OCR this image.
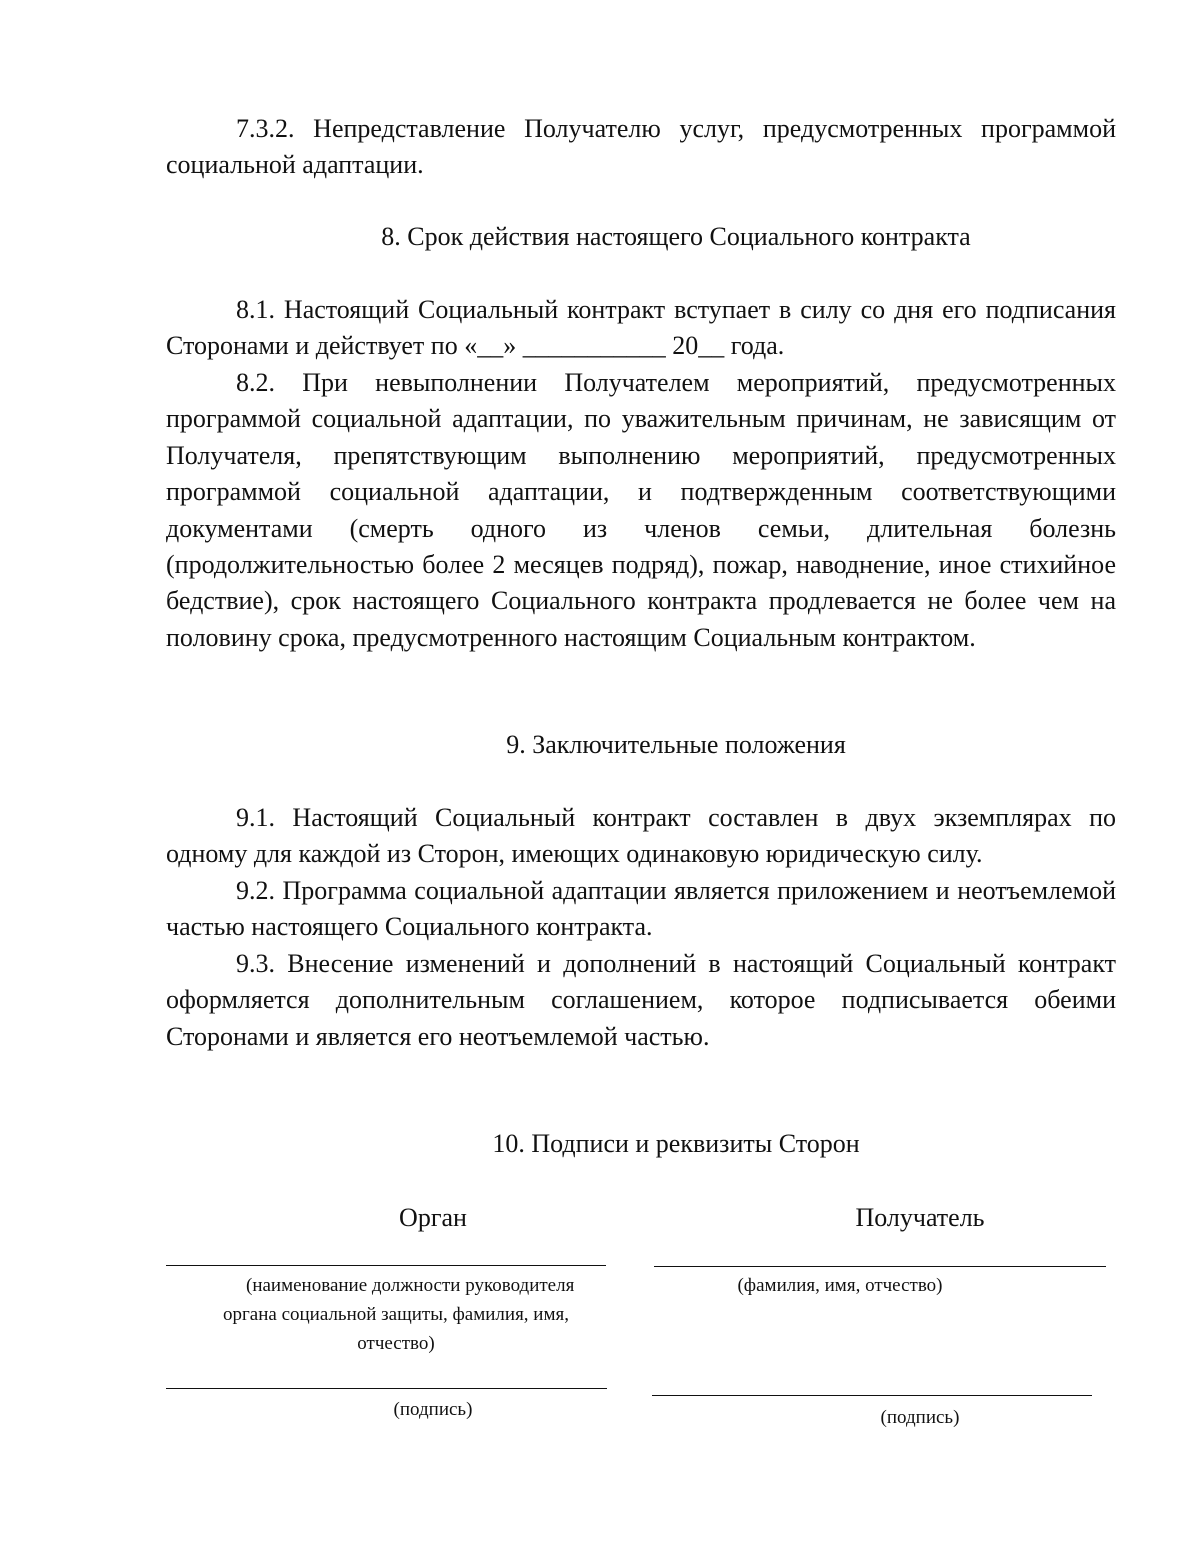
7.3.2. Непредставление Получателю услуг, предусмотренных программой социальной адаптации.

8. Срок действия настоящего Социального контракта

8.1. Настоящий Социальный контракт вступает в силу со дня его подписания Сторонами и действует по «__» ___________ 20__ года.

8.2. При невыполнении Получателем мероприятий, предусмотренных программой социальной адаптации, по уважительным причинам, не зависящим от Получателя, препятствующим выполнению мероприятий, предусмотренных программой социальной адаптации, и подтвержденным соответствующими документами (смерть одного из членов семьи, длительная болезнь (продолжительностью более 2 месяцев подряд), пожар, наводнение, иное стихийное бедствие), срок настоящего Социального контракта продлевается не более чем на половину срока, предусмотренного настоящим Социальным контрактом.

9. Заключительные положения

9.1. Настоящий Социальный контракт составлен в двух экземплярах по одному для каждой из Сторон, имеющих одинаковую юридическую силу.

9.2. Программа социальной адаптации является приложением и неотъемлемой частью настоящего Социального контракта.

9.3. Внесение изменений и дополнений в настоящий Социальный контракт оформляется дополнительным соглашением, которое подписывается обеими Сторонами и является его неотъемлемой частью.

10. Подписи и реквизиты Сторон

Орган	Получатель
(наименование должности руководителя
органа социальной защиты, фамилия, имя,
отчество)
(фамилия, имя, отчество)
(подпись)	(подпись)
